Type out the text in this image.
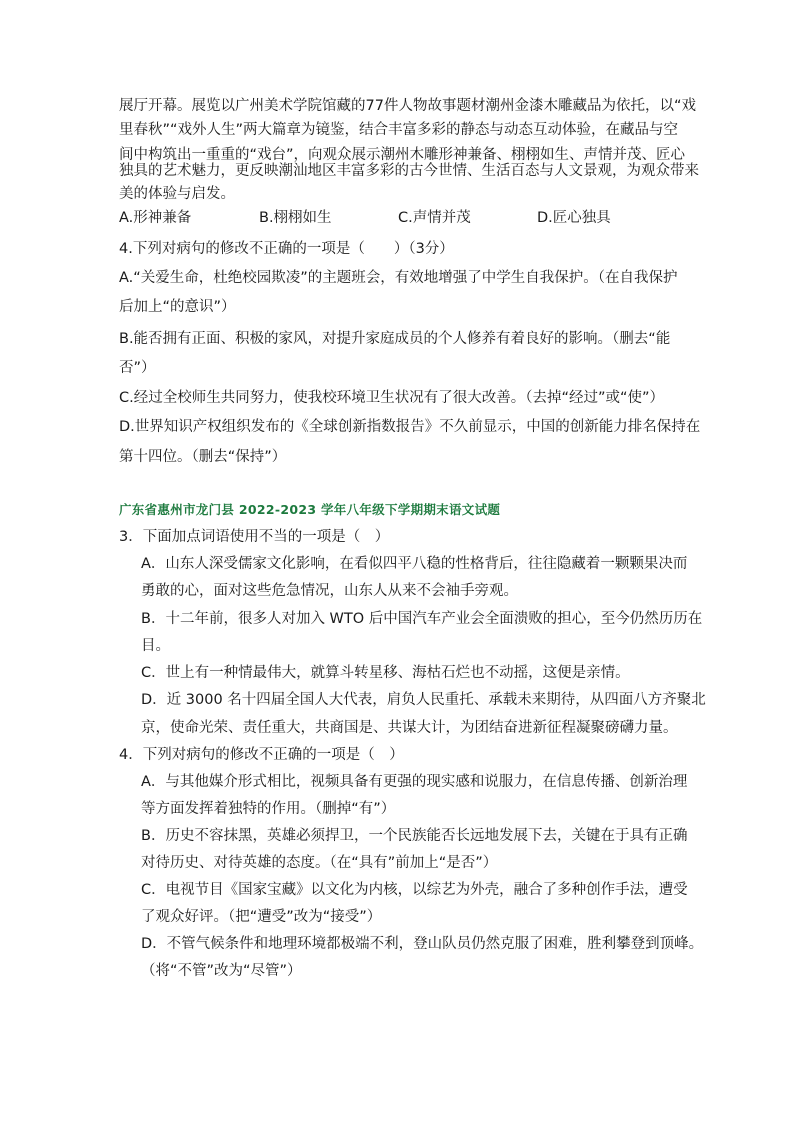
展厅开幕。展览以广州美术学院馆藏的77件人物故事题材潮州金漆木雕藏品为依托，以“戏
里春秋”“戏外人生”两大篇章为镜鉴，结合丰富多彩的静态与动态互动体验，在藏品与空
间中构筑出一重重的“戏台”，向观众展示潮州木雕形神兼备、栩栩如生、声情并茂、匠心
独具的艺术魅力，更反映潮汕地区丰富多彩的古今世情、生活百态与人文景观，为观众带来
美的体验与启发。
A.形神兼备	B.栩栩如生	C.声情并茂	D.匠心独具
4.下列对病句的修改不正确的一项是（　　）（3分）
A.“关爱生命，杜绝校园欺凌”的主题班会，有效地增强了中学生自我保护。（在自我保护
后加上“的意识”）
B.能否拥有正面、积极的家风，对提升家庭成员的个人修养有着良好的影响。（删去“能
否”）
C.经过全校师生共同努力，使我校环境卫生状况有了很大改善。（去掉“经过”或“使”）
D.世界知识产权组织发布的《全球创新指数报告》不久前显示，中国的创新能力排名保持在
第十四位。（删去“保持”）
广东省惠州市龙门县 2022-2023 学年八年级下学期期末语文试题
3．下面加点词语使用不当的一项是（　）
A．山东人深受儒家文化影响，在看似四平八稳的性格背后，往往隐藏着一颗颗果决而
勇敢的心，面对这些危急情况，山东人从来不会袖手旁观。
B．十二年前，很多人对加入 WTO 后中国汽车产业会全面溃败的担心，至今仍然历历在
目。
C．世上有一种情最伟大，就算斗转星移、海枯石烂也不动摇，这便是亲情。
D．近 3000 名十四届全国人大代表，肩负人民重托、承载未来期待，从四面八方齐聚北
京，使命光荣、责任重大，共商国是、共谋大计，为团结奋进新征程凝聚磅礴力量。
4．下列对病句的修改不正确的一项是（　）
A．与其他媒介形式相比，视频具备有更强的现实感和说服力，在信息传播、创新治理
等方面发挥着独特的作用。（删掉“有”）
B．历史不容抹黑，英雄必须捍卫，一个民族能否长远地发展下去，关键在于具有正确
对待历史、对待英雄的态度。（在“具有”前加上“是否”）
C．电视节目《国家宝藏》以文化为内核，以综艺为外壳，融合了多种创作手法，遭受
了观众好评。（把“遭受”改为“接受”）
D．不管气候条件和地理环境都极端不利，登山队员仍然克服了困难，胜利攀登到顶峰。
（将“不管”改为“尽管”）
